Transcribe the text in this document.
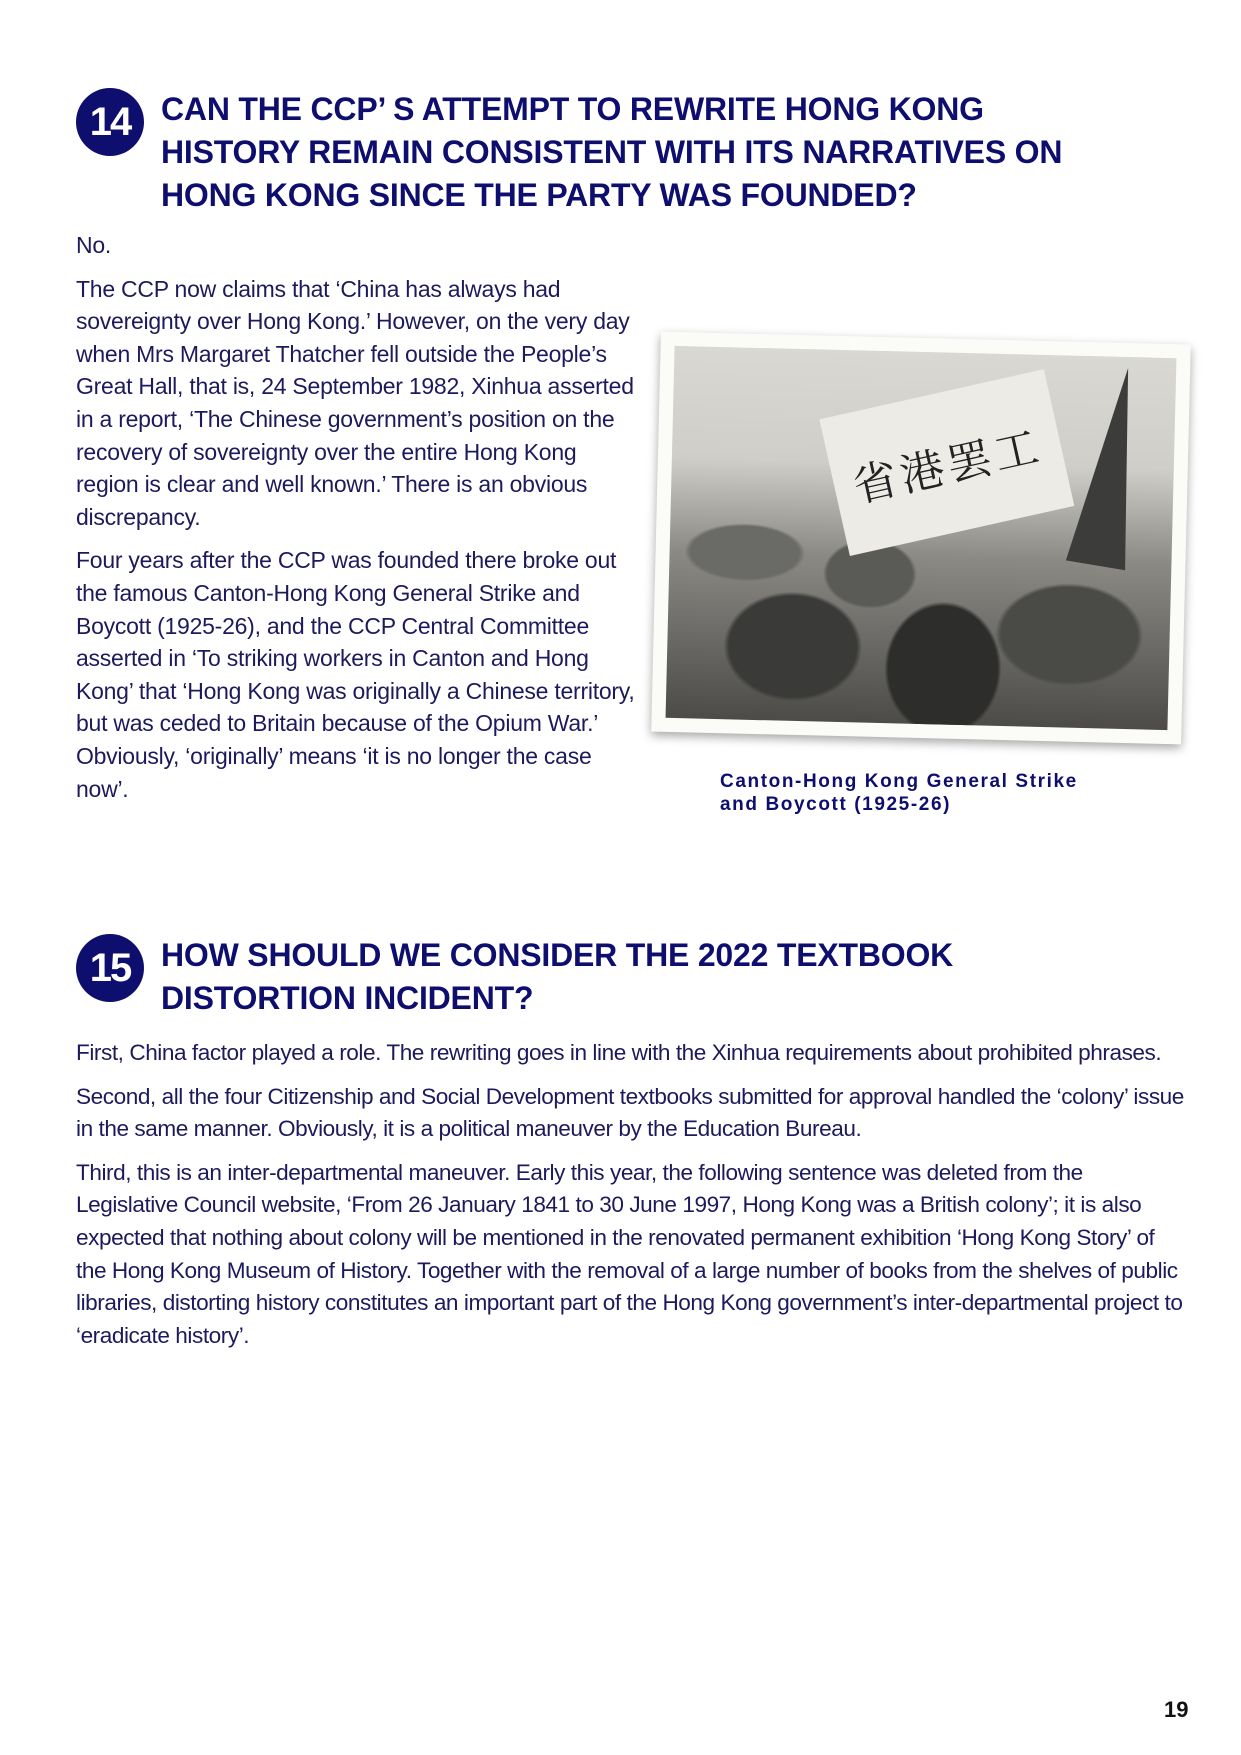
14 CAN THE CCP’ S ATTEMPT TO REWRITE HONG KONG
HISTORY REMAIN CONSISTENT WITH ITS NARRATIVES ON
HONG KONG SINCE THE PARTY WAS FOUNDED?

No.

The CCP now claims that ‘China has always had sovereignty over Hong Kong.’ However, on the very day when Mrs Margaret Thatcher fell outside the People’s Great Hall, that is, 24 September 1982, Xinhua asserted in a report, ‘The Chinese government’s position on the recovery of sovereignty over the entire Hong Kong region is clear and well known.’ There is an obvious discrepancy.

Four years after the CCP was founded there broke out the famous Canton-Hong Kong General Strike and Boycott (1925-26), and the CCP Central Committee asserted in ‘To striking workers in Canton and Hong Kong’ that ‘Hong Kong was originally a Chinese territory, but was ceded to Britain because of the Opium War.’ Obviously, ‘originally’ means ‘it is no longer the case now’.

省港罢工
Canton-Hong Kong General Strike
and Boycott (1925-26)
15 HOW SHOULD WE CONSIDER THE 2022 TEXTBOOK
DISTORTION INCIDENT?

First, China factor played a role. The rewriting goes in line with the Xinhua requirements about prohibited phrases.

Second, all the four Citizenship and Social Development textbooks submitted for approval handled the ‘colony’ issue in the same manner. Obviously, it is a political maneuver by the Education Bureau.

Third, this is an inter-departmental maneuver. Early this year, the following sentence was deleted from the Legislative Council website, ‘From 26 January 1841 to 30 June 1997, Hong Kong was a British colony’; it is also expected that nothing about colony will be mentioned in the renovated permanent exhibition ‘Hong Kong Story’ of the Hong Kong Museum of History. Together with the removal of a large number of books from the shelves of public libraries, distorting history constitutes an important part of the Hong Kong government’s inter-departmental project to ‘eradicate history’.

19
